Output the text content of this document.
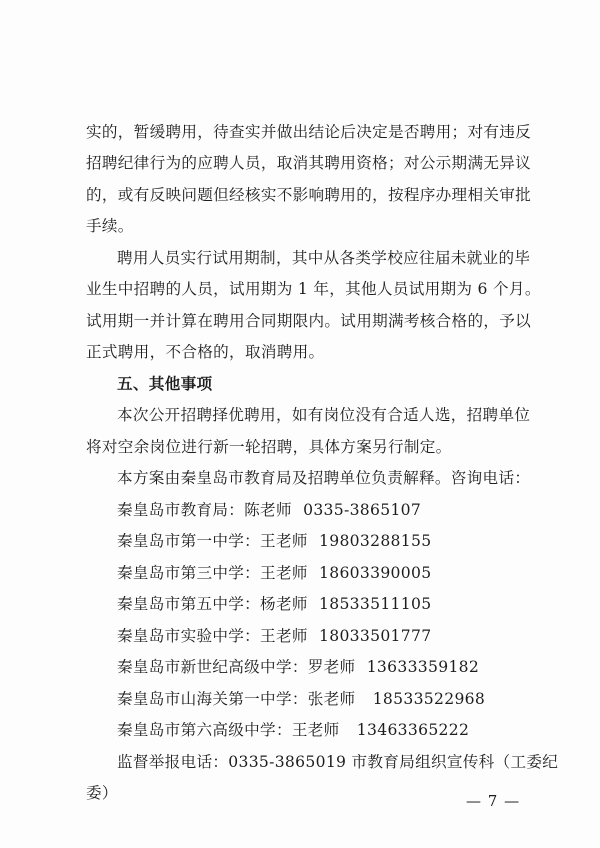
实的，暂缓聘用，待查实并做出结论后决定是否聘用；对有违反
招聘纪律行为的应聘人员，取消其聘用资格；对公示期满无异议
的，或有反映问题但经核实不影响聘用的，按程序办理相关审批
手续。
聘用人员实行试用期制，其中从各类学校应往届未就业的毕
业生中招聘的人员，试用期为 1 年，其他人员试用期为 6 个月。
试用期一并计算在聘用合同期限内。试用期满考核合格的，予以
正式聘用，不合格的，取消聘用。
五、其他事项
本次公开招聘择优聘用，如有岗位没有合适人选，招聘单位
将对空余岗位进行新一轮招聘，具体方案另行制定。
本方案由秦皇岛市教育局及招聘单位负责解释。咨询电话：
秦皇岛市教育局：陈老师 0335-3865107
秦皇岛市第一中学：王老师 19803288155
秦皇岛市第三中学：王老师 18603390005
秦皇岛市第五中学：杨老师 18533511105
秦皇岛市实验中学：王老师 18033501777
秦皇岛市新世纪高级中学：罗老师 13633359182
秦皇岛市山海关第一中学：张老师 18533522968
秦皇岛市第六高级中学：王老师 13463365222
监督举报电话：0335-3865019 市教育局组织宣传科（工委纪
委）	— 7 —
